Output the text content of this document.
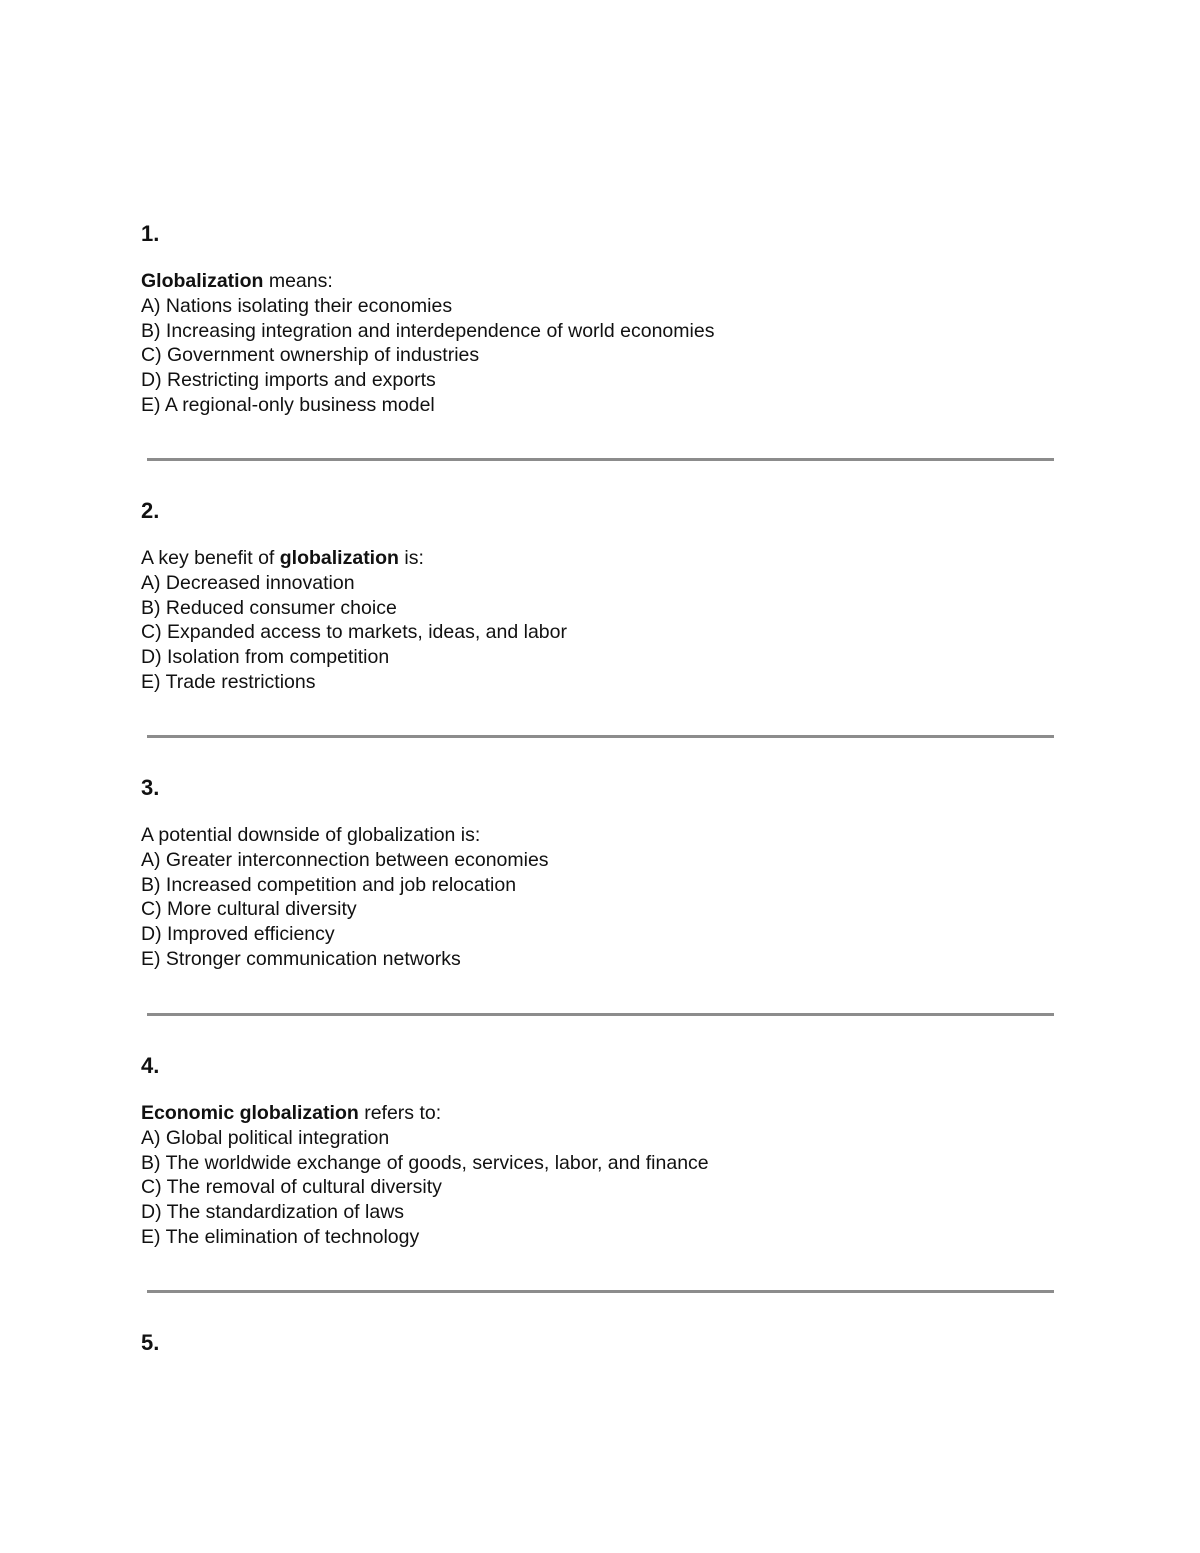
1.
Globalization means:
A) Nations isolating their economies
B) Increasing integration and interdependence of world economies
C) Government ownership of industries
D) Restricting imports and exports
E) A regional-only business model
2.
A key benefit of globalization is:
A) Decreased innovation
B) Reduced consumer choice
C) Expanded access to markets, ideas, and labor
D) Isolation from competition
E) Trade restrictions
3.
A potential downside of globalization is:
A) Greater interconnection between economies
B) Increased competition and job relocation
C) More cultural diversity
D) Improved efficiency
E) Stronger communication networks
4.
Economic globalization refers to:
A) Global political integration
B) The worldwide exchange of goods, services, labor, and finance
C) The removal of cultural diversity
D) The standardization of laws
E) The elimination of technology
5.
